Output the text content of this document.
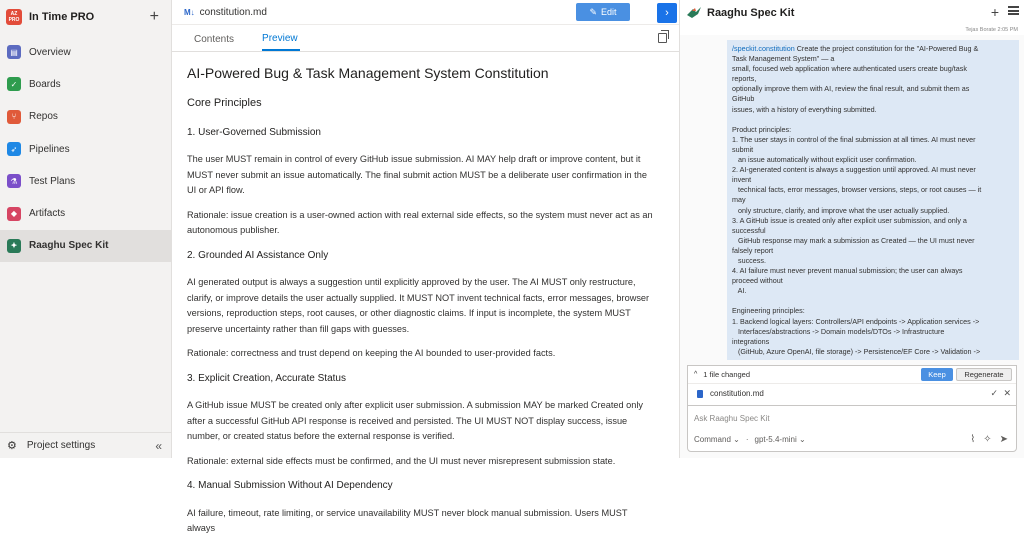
AZ
PRO In Time PRO	+
▤	Overview
✓	Boards
⑂	Repos
➶	Pipelines
⚗	Test Plans
◆	Artifacts
✦	Raaghu Spec Kit
⚙ Project settings	«
M↓ constitution.md	✎ Edit	›
Contents	Preview
AI-Powered Bug & Task Management System Constitution
Core Principles
1. User-Governed Submission

The user MUST remain in control of every GitHub issue submission. AI MAY help draft or improve content, but it MUST never submit an issue automatically. The final submit action MUST be a deliberate user confirmation in the UI or API flow.

Rationale: issue creation is a user-owned action with real external side effects, so the system must never act as an autonomous publisher.

2. Grounded AI Assistance Only

AI generated output is always a suggestion until explicitly approved by the user. The AI MUST only restructure, clarify, or improve details the user actually supplied. It MUST NOT invent technical facts, error messages, browser versions, reproduction steps, root causes, or other diagnostic claims. If input is incomplete, the system MUST preserve uncertainty rather than fill gaps with guesses.

Rationale: correctness and trust depend on keeping the AI bounded to user-provided facts.

3. Explicit Creation, Accurate Status

A GitHub issue MUST be created only after explicit user submission. A submission MAY be marked Created only after a successful GitHub API response is received and persisted. The UI MUST NOT display success, issue number, or created status before the external response is verified.

Rationale: external side effects must be confirmed, and the UI must never misrepresent submission state.

4. Manual Submission Without AI Dependency

AI failure, timeout, rate limiting, or service unavailability MUST never block manual submission. Users MUST always

Raaghu Spec Kit	+
Tejas Borate 2:05 PM
/speckit.constitution Create the project constitution for the "AI-Powered Bug &
Task Management System" — a
small, focused web application where authenticated users create bug/task
reports,
optionally improve them with AI, review the final result, and submit them as
GitHub
issues, with a history of everything submitted.
Product principles:
1. The user stays in control of the final submission at all times. AI must never
submit
an issue automatically without explicit user confirmation.
2. AI-generated content is always a suggestion until approved. AI must never
invent
technical facts, error messages, browser versions, steps, or root causes — it
may
only structure, clarify, and improve what the user actually supplied.
3. A GitHub issue is created only after explicit user submission, and only a
successful
GitHub response may mark a submission as Created — the UI must never
falsely report
success.
4. AI failure must never prevent manual submission; the user can always
proceed without
AI.
Engineering principles:
1. Backend logical layers: Controllers/API endpoints -> Application services ->
Interfaces/abstractions -> Domain models/DTOs -> Infrastructure
integrations
(GitHub, Azure OpenAI, file storage) -> Persistence/EF Core -> Validation ->
^ 1 file changed	Keep	Regenerate
constitution.md	✓ ✕
Ask Raaghu Spec Kit
Command ⌄ · gpt-5.4-mini ⌄	⌇ ✧ ➤
